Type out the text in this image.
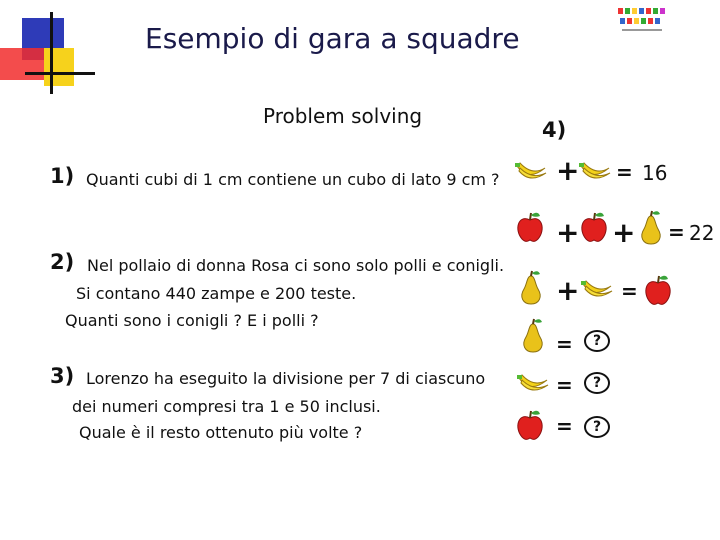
Esempio di gara a squadre
Problem solving
1) Quanti cubi di 1 cm contiene un cubo di lato 9 cm ?
2) Nel pollaio di donna Rosa ci sono solo polli e conigli.
Si contano 440 zampe e 200 teste.
Quanti sono i conigli ? E i polli ?
3) Lorenzo ha eseguito la divisione per 7 di ciascuno
dei numeri compresi tra 1 e 50 inclusi.
Quale è il resto ottenuto più volte ?
4)
+ = 16
+ + = 22
+ =
=	?
=	?
=	?
